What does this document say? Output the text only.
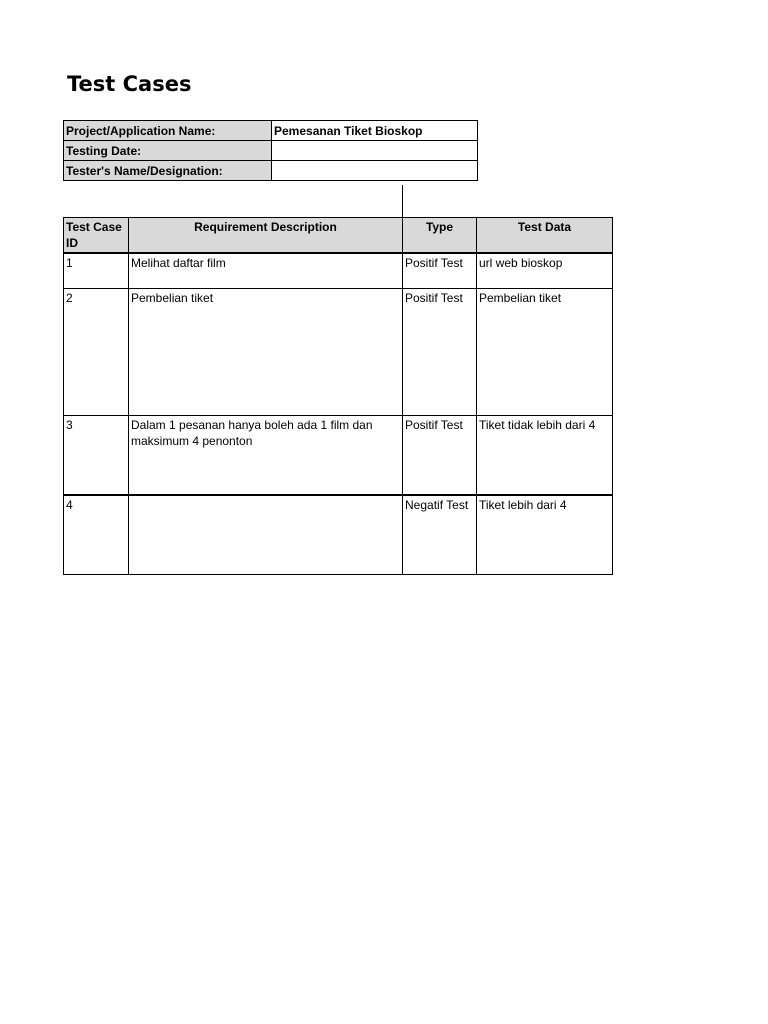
Test Cases
Project/Application Name:	Pemesanan Tiket Bioskop
Testing Date:	
Tester's Name/Designation:	
Test Case ID	Requirement Description	Type	Test Data
1	Melihat daftar film	Positif Test	url web bioskop
2	Pembelian tiket	Positif Test	Pembelian tiket
3	Dalam 1 pesanan hanya boleh ada 1 film dan maksimum 4 penonton	Positif Test	Tiket tidak lebih dari 4
4		Negatif Test	Tiket lebih dari 4
